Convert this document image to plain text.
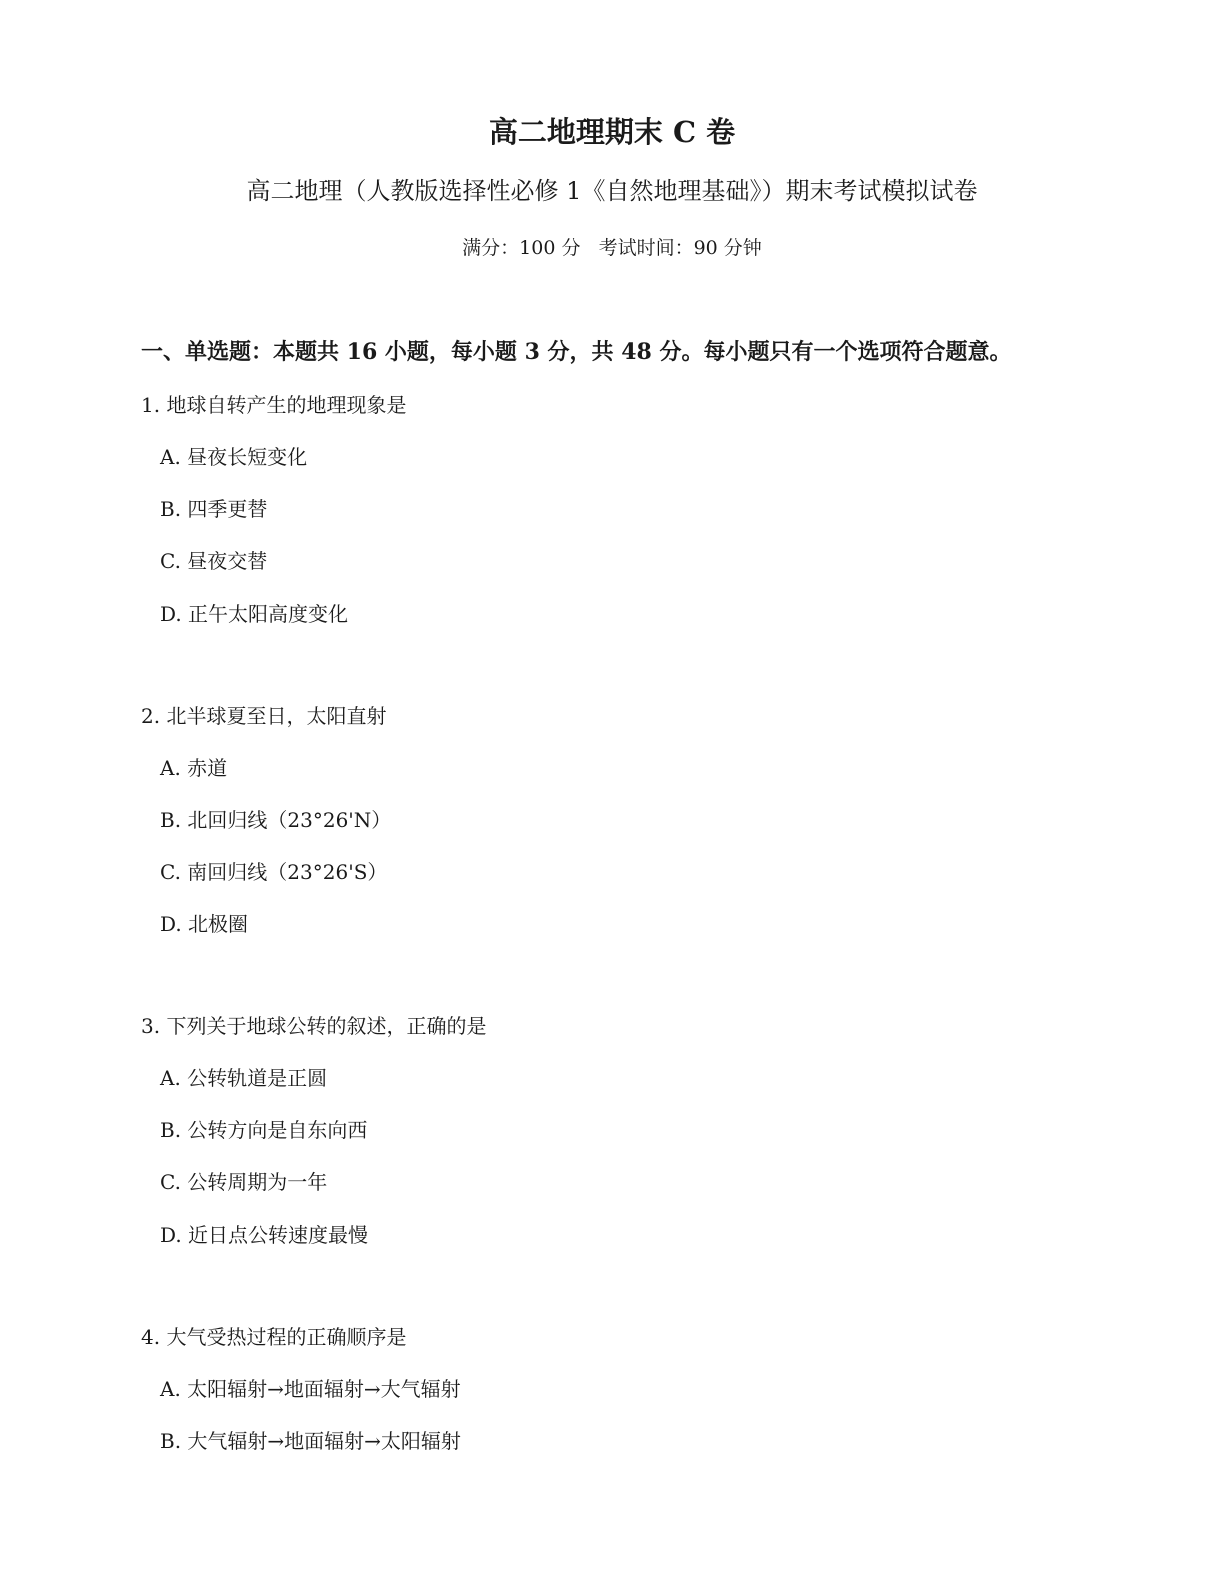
高二地理期末 C 卷
高二地理（人教版选择性必修 1《自然地理基础》）期末考试模拟试卷
满分：100 分   考试时间：90 分钟
一、单选题：本题共 16 小题，每小题 3 分，共 48 分。每小题只有一个选项符合题意。
1. 地球自转产生的地理现象是
A. 昼夜长短变化
B. 四季更替
C. 昼夜交替
D. 正午太阳高度变化
2. 北半球夏至日，太阳直射
A. 赤道
B. 北回归线（23°26'N）
C. 南回归线（23°26'S）
D. 北极圈
3. 下列关于地球公转的叙述，正确的是
A. 公转轨道是正圆
B. 公转方向是自东向西
C. 公转周期为一年
D. 近日点公转速度最慢
4. 大气受热过程的正确顺序是
A. 太阳辐射→地面辐射→大气辐射
B. 大气辐射→地面辐射→太阳辐射
